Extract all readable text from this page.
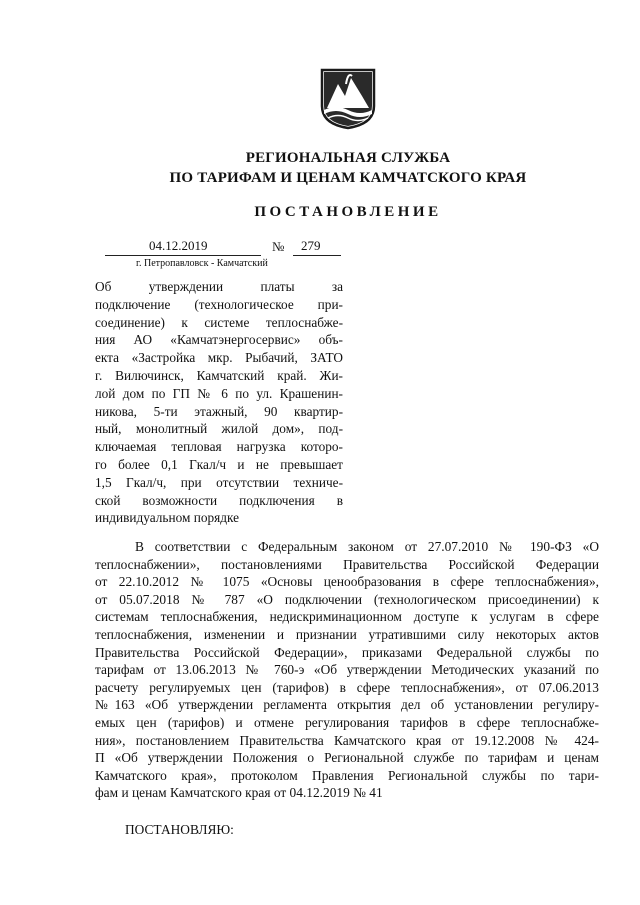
РЕГИОНАЛЬНАЯ СЛУЖБА
ПО ТАРИФАМ И ЦЕНАМ КАМЧАТСКОГО КРАЯ
ПОСТАНОВЛЕНИЕ
04.12.2019	№ 279
г. Петропавловск - Камчатский
Об утверждении платы за
подключение (технологическое при-
соединение) к системе теплоснабже-
ния АО «Камчатэнергосервис» объ-
екта «Застройка мкр. Рыбачий, ЗАТО
г. Вилючинск, Камчатский край. Жи-
лой дом по ГП № 6 по ул. Крашенин-
никова, 5-ти этажный, 90 квартир-
ный, монолитный жилой дом», под-
ключаемая тепловая нагрузка которо-
го более 0,1 Гкал/ч и не превышает
1,5 Гкал/ч, при отсутствии техниче-
ской возможности подключения в
индивидуальном порядке
В соответствии с Федеральным законом от 27.07.2010 № 190-ФЗ «О
теплоснабжении», постановлениями Правительства Российской Федерации
от 22.10.2012 № 1075 «Основы ценообразования в сфере теплоснабжения»,
от 05.07.2018 № 787 «О подключении (технологическом присоединении) к
системам теплоснабжения, недискриминационном доступе к услугам в сфере
теплоснабжения, изменении и признании утратившими силу некоторых актов
Правительства Российской Федерации», приказами Федеральной службы по
тарифам от 13.06.2013 № 760-э «Об утверждении Методических указаний по
расчету регулируемых цен (тарифов) в сфере теплоснабжения», от 07.06.2013
№163 «Об утверждении регламента открытия дел об установлении регулиру-
емых цен (тарифов) и отмене регулирования тарифов в сфере теплоснабже-
ния», постановлением Правительства Камчатского края от 19.12.2008 № 424-
П «Об утверждении Положения о Региональной службе по тарифам и ценам
Камчатского края», протоколом Правления Региональной службы по тари-
фам и ценам Камчатского края от 04.12.2019 № 41
ПОСТАНОВЛЯЮ:
